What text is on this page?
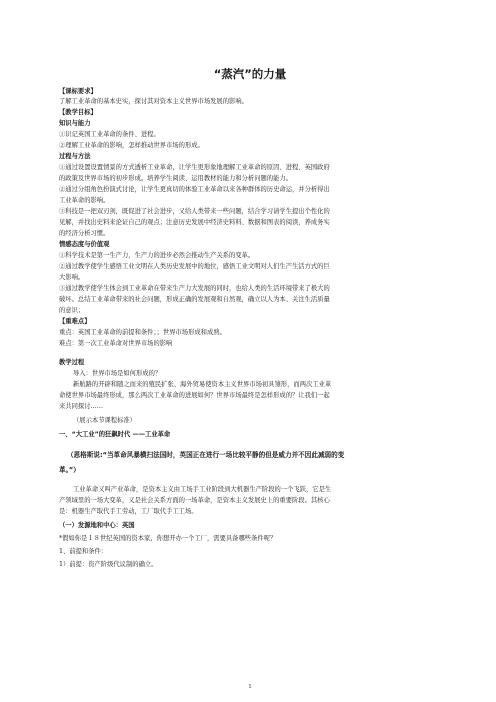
“蒸汽”的力量
【课标要求】
了解工业革命的基本史实，探讨其对资本主义世界市场发展的影响。
【教学目标】
知识与能力
①识记英国工业革命的条件、进程。
②理解工业革命的影响，怎样推动世界市场的形成。
过程与方法
①通过设置设置情景的方式透析工业革命，让学生更形象地理解工业革命的原因、进程、英国政府
的政策及世界市场的初步形成。培养学生阅读、运用教材的能力和分析问题的能力。
②通过分组角色扮演式讨论，让学生更真切的体验工业革命以来各种群体的历史命运，并分析得出
工业革命的影响。
③科技是一把双刃剑，既促进了社会进步，又给人类带来一些问题，结合学习请学生提出个性化的
见解，并找出史料来论证自己的观点；注意历史发展中经济史料料、数据和图表的阅读，养成务实
的经济分析习惯。
情感态度与价值观
①科学技术是第一生产力，生产力的进步必然会推动生产关系的变革。
②通过教学使学生感悟工业文明在人类历史发展中的地位，感悟工业文明对人们生产生活方式的巨
大影响。
③通过教学使学生体会到工业革命在带来生产力大发展的同时，也给人类的生活环境带来了极大的
破坏。总结工业革命带来的社会问题，形成正确的发展观和自然观，确立以人为本、关注生活质量
的意识；
【重难点】
重点：英国工业革命的前提和条件；；世界市场形成和成熟。
难点：第一次工业革命对世界市场的影响
教学过程
导入：世界市场是如何形成的？
新航路的开辟和随之而来的殖民扩张、海外贸易使资本主义世界市场初具雏形，而两次工业革
命使世界市场最终形成，那么两次工业革命的进展如何？世界市场最终是怎样形成的？让我们一起
来共同探讨……
（展示本节课程标准）
一、“大工业”的狂飙时代 ——工业革命
（恩格斯说:“当革命风暴横扫法国时，英国正在进行一场比较平静的但是威力并不因此减弱的变
革。”）
工业革命又叫产业革命，是资本主义由工场手工业阶段到大机器生产阶段的一个飞跃，它是生
产领域里的一场大变革，又是社会关系方面的一场革命，是资本主义发展史上的重要阶段。其核心
是：机器生产取代手工劳动，工厂取代手工工场。
（一）发源地和中心：英国
*假如你是１８世纪英国的资本家，你想开办一个工厂，需要具备哪些条件呢？
1、前提和条件：
1）前提：资产阶级代议制的确立。
1
